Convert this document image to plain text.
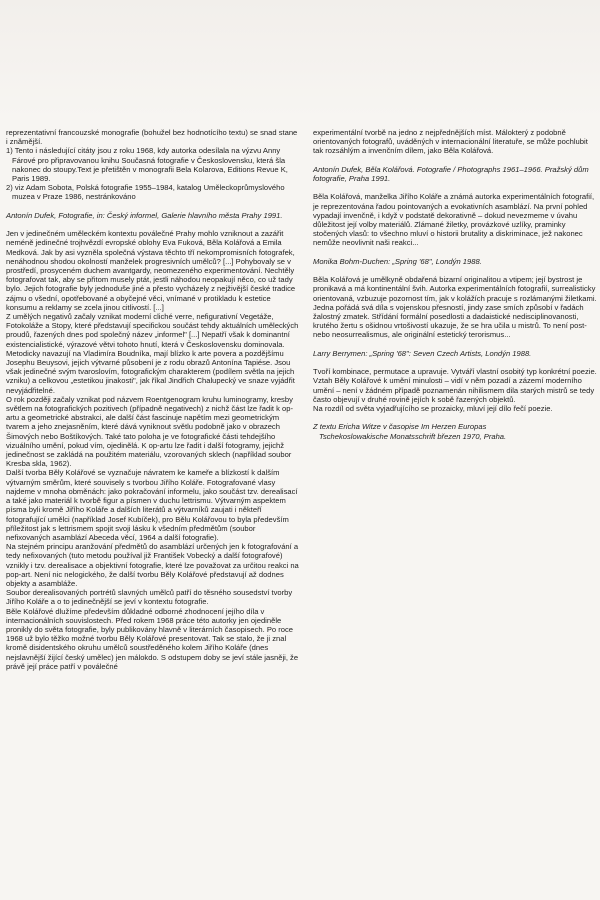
reprezentativní francouzské monografie (bohužel bez hodnotícího textu) se snad stane i znămější.

1) Tento i následující citáty jsou z roku 1968, kdy autorka odesílala na výzvu Anny Fárové pro připravovanou knihu Současná fotografie v Československu, která šla nakonec do stoupy.Text je přetištěn v monografii Bela Kolarova, Editions Revue K, Paris 1989.

2) viz Adam Sobota, Polská fotografie 1955–1984, katalog Uměleckoprůmyslového muzea v Praze 1986, nestránkováno

Antonín Dufek, Fotografie, in: Český informel, Galerie hlavního města Prahy 1991.

Jen v jedinečném uměleckém kontextu poválečné Prahy mohlo vzniknout a zazářit neméně jedinečné trojhvězdí evropské oblohy Eva Fuková, Běla Kolářová a Emila Medková. Jak by asi vyzněla společná výstava těchto tří nekompromisních fotografek, nenáhodnou shodou okolností manželek progresivních umělců? [...] Pohybovaly se v prostředí, prosyceném duchem avantgardy, neomezeného experimentování. Nechtěly fotografovat tak, aby se přitom musely ptát, jestli náhodou neopakují něco, co už tady bylo. Jejich fotografie byly jednoduše jiné a přesto vycházely z nejživější české tradice zájmu o všední, opotřebované a obyčejné věci, vnímané v protikladu k estetice konsumu a reklamy se zcela jinou citlivostí. [...]

Z umělých negativů začaly vznikat moderní cliché verre, nefigurativní Vegetáže, Fotokoláže a Stopy, které představují specifickou součást tehdy aktuálních uměleckých proudů, řazených dnes pod společný název „informel" [...] Nepatří však k dominantní existencialistické, výrazové větvi tohoto hnutí, která v Československu dominovala. Metodicky navazují na Vladimíra Boudníka, mají blízko k arte povera a pozdějšímu Josephu Beuysovi, jejich výtvarné působení je z rodu obrazů Antonína Tapiése. Jsou však jedinečné svým tvaroslovím, fotografickým charakterem (podílem světla na jejich vzniku) a celkovou „estetikou jinakosti", jak říkal Jindřich Chalupecký ve snaze vyjádřit nevyjádřitelné.

O rok později začaly vznikat pod názvem Roentgenogram kruhu luminogramy, kresby světlem na fotografických pozitivech (případně negativech) z nichž část lze řadit k op-artu a geometrické abstrakci, ale další část fascinuje napětím mezi geometrickým tvarem a jeho znejasněním, které dává vyniknout světlu podobně jako v obrazech Šimových nebo Boštíkových. Také tato poloha je ve fotografické části tehdejšího vizuálního umění, pokud vím, ojedinělá. K op-artu lze řadit i další fotogramy, jejichž jedinečnost se zakládá na použitém materiálu, vzorovaných sklech (například soubor Kresba skla, 1962).

Další tvorba Běly Kolářové se vyznačuje návratem ke kameře a blízkostí k dalším výtvarným směrům, které souvisely s tvorbou Jiřího Koláře. Fotografované vlasy najdeme v mnoha obměnách: jako pokračování informelu, jako součást tzv. derealisací a také jako materiál k tvorbě figur a písmen v duchu lettrismu. Výtvarným aspektem písma byli kromě Jiřího Koláře a dalších literátů a výtvarníků zaujati i někteří fotografující umělci (například Josef Kubíček), pro Bělu Kolářovou to byla především příležitost jak s lettrismem spojit svoji lásku k všedním předmětům (soubor nefixovaných asamblází Abeceda věcí, 1964 a další fotografie).

Na stejném principu aranžování předmětů do asamblází určených jen k fotografování a tedy nefixovaných (tuto metodu používal již František Vobecký a další fotografové) vznikly i tzv. derealisace a objektivní fotografie, které lze považovat za určitou reakci na pop-art. Není nic nelogického, že další tvorbu Běly Kolářové představují až dodnes objekty a asambláže.

Soubor derealisovaných portrétů slavných umělců patří do těsného sousedství tvorby Jiřího Koláře a o to jedinečnější se jeví v kontextu fotografie.

Běle Kolářové dlužíme především důkladné odborné zhodnocení jejího díla v internacionálních souvislostech. Před rokem 1968 práce této autorky jen ojediněle pronikly do světa fotografie, byly publikovány hlavně v literárních časopisech. Po roce 1968 už bylo těžko možné tvorbu Běly Kolářové presentovat. Tak se stalo, že ji znal kromě disidentského okruhu umělců soustředěného kolem Jiřího Koláře (dnes nejslavnější žijící český umělec) jen málokdo. S odstupem doby se jeví stále jasněji, že právě její práce patří v poválečné

experimentální tvorbě na jedno z nejpřednějších míst. Málokterý z podobně orientovaných fotografů, uváděných v internacionální literatuře, se může pochlubit tak rozsáhlým a invenčním dílem, jako Běla Kolářová.

Antonín Dufek, Běla Kolářová. Fotografie / Photographs 1961–1966. Pražský dům fotografie, Praha 1991.

Běla Kolářová, manželka Jiřího Koláře a známá autorka experimentálních fotografií, je reprezentována řadou pointovaných a evokativních asamblází. Na první pohled vypadají invenčně, i když v podstatě dekorativně – dokud nevezmeme v úvahu důležitost její volby materiálů. Zlámané žiletky, provázkové uzlíky, praminky stočených vlasů: to všechno mluví o historii brutality a diskriminace, jež nakonec nemůže neovlivnit naši reakci...

Monika Bohm-Duchen: „Spring '68", Londýn 1988.

Běla Kolářová je umělkyně obdařená bizarní originalitou a vtipem; její bystrost je pronikavá a má kontinentální švih. Autorka experimentálních fotografií, surrealisticky orientovaná, vzbuzuje pozornost tím, jak v kolážích pracuje s rozlámanými žiletkami. Jedna pořádá svá díla s vojenskou přesností, jindy zase smích způsobí v řadách žalostný zmatek. Střídání formální posedlosti a dadaistické nedisciplinovanosti, krutého žertu s ošidnou vrtošivostí ukazuje, že se hra učila u mistrů. To není post- nebo neosurrealismus, ale originální estetický terorismus...

Larry Berrymen: „Spring '68": Seven Czech Artists, Londýn 1988.

Tvoří kombinace, permutace a upravuje. Vytváří vlastní osobitý typ konkrétní poezie.

Vztah Běly Kolářové k umění minulosti – vidí v něm pozadí a zázemí moderního umění – není v žádném případě poznamenán nihilismem dila starých mistrů se tedy často objevují v druhé rovině jejích k sobě řazených objektů.

Na rozdíl od světa vyjadřujícího se prozaicky, mluví její dílo řečí poezie.

Z textu Ericha Witze v časopise Im Herzen Europas

Tschekoslowakische Monatsschrift březen 1970, Praha.
